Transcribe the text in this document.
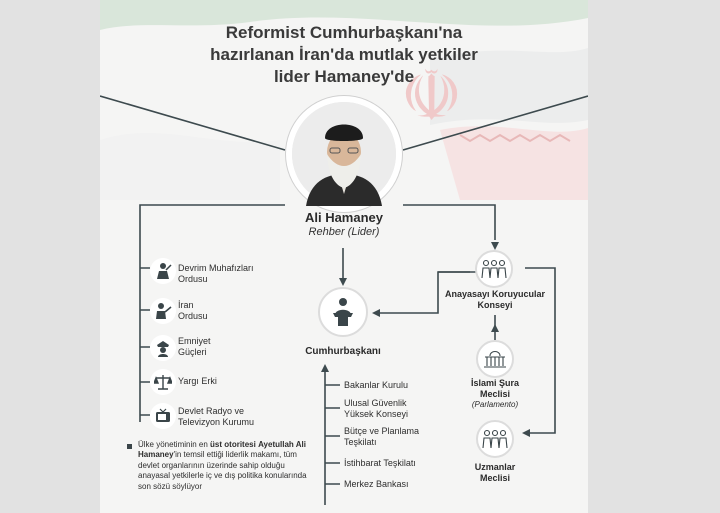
☫
Reformist Cumhurbaşkanı'na
hazırlanan İran'da mutlak yetkiler
lider Hamaney'de
Ali Hamaney
Rehber (Lider)
Devrim Muhafızları
Ordusu
İran
Ordusu
Emniyet
Güçleri
Yargı Erki
Devlet Radyo ve
Televizyon Kurumu
Ülke yönetiminin en üst otoritesi Ayetullah Ali Hamaney'in temsil ettiği liderlik makamı, tüm devlet organlarının üzerinde sahip olduğu anayasal yetkilerle iç ve dış politika konularında son sözü söylüyor
Cumhurbaşkanı
Bakanlar Kurulu
Ulusal Güvenlik
Yüksek Konseyi
Bütçe ve Planlama
Teşkilatı
İstihbarat Teşkilatı
Merkez Bankası
Anayasayı Koruyucular
Konseyi
İslami Şura
Meclisi
(Parlamento)
Uzmanlar
Meclisi
